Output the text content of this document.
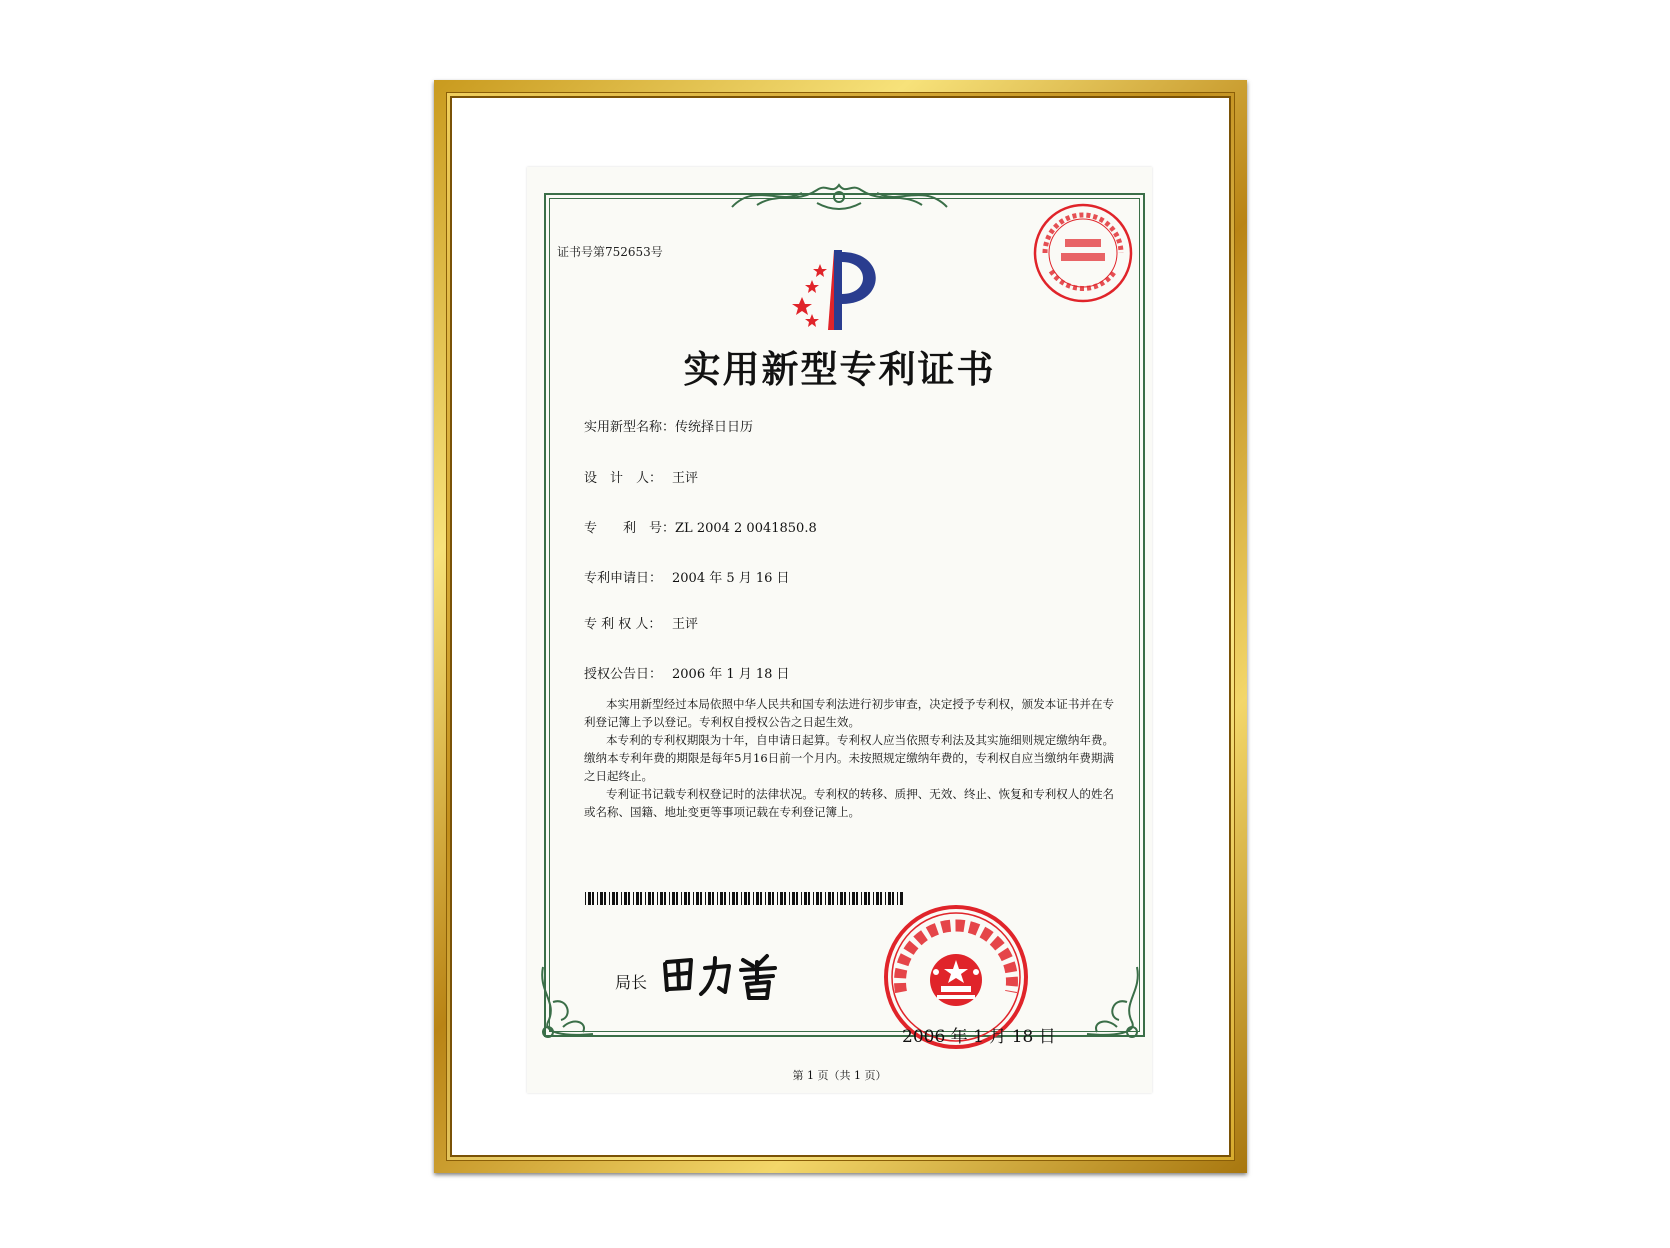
证书号第752653号
实用新型专利证书
实用新型名称：传统择日日历
设　计　人： 王评
专　　利　号：ZL 2004 2 0041850.8
专利申请日： 2004 年 5 月 16 日
专 利 权 人： 王评
授权公告日： 2006 年 1 月 18 日

本实用新型经过本局依照中华人民共和国专利法进行初步审查，决定授予专利权，颁发本证书并在专利登记簿上予以登记。专利权自授权公告之日起生效。

本专利的专利权期限为十年，自申请日起算。专利权人应当依照专利法及其实施细则规定缴纳年费。缴纳本专利年费的期限是每年5月16日前一个月内。未按照规定缴纳年费的，专利权自应当缴纳年费期满之日起终止。

专利证书记载专利权登记时的法律状况。专利权的转移、质押、无效、终止、恢复和专利权人的姓名或名称、国籍、地址变更等事项记载在专利登记簿上。

局长
2006 年 1 月 18 日
第 1 页（共 1 页）
